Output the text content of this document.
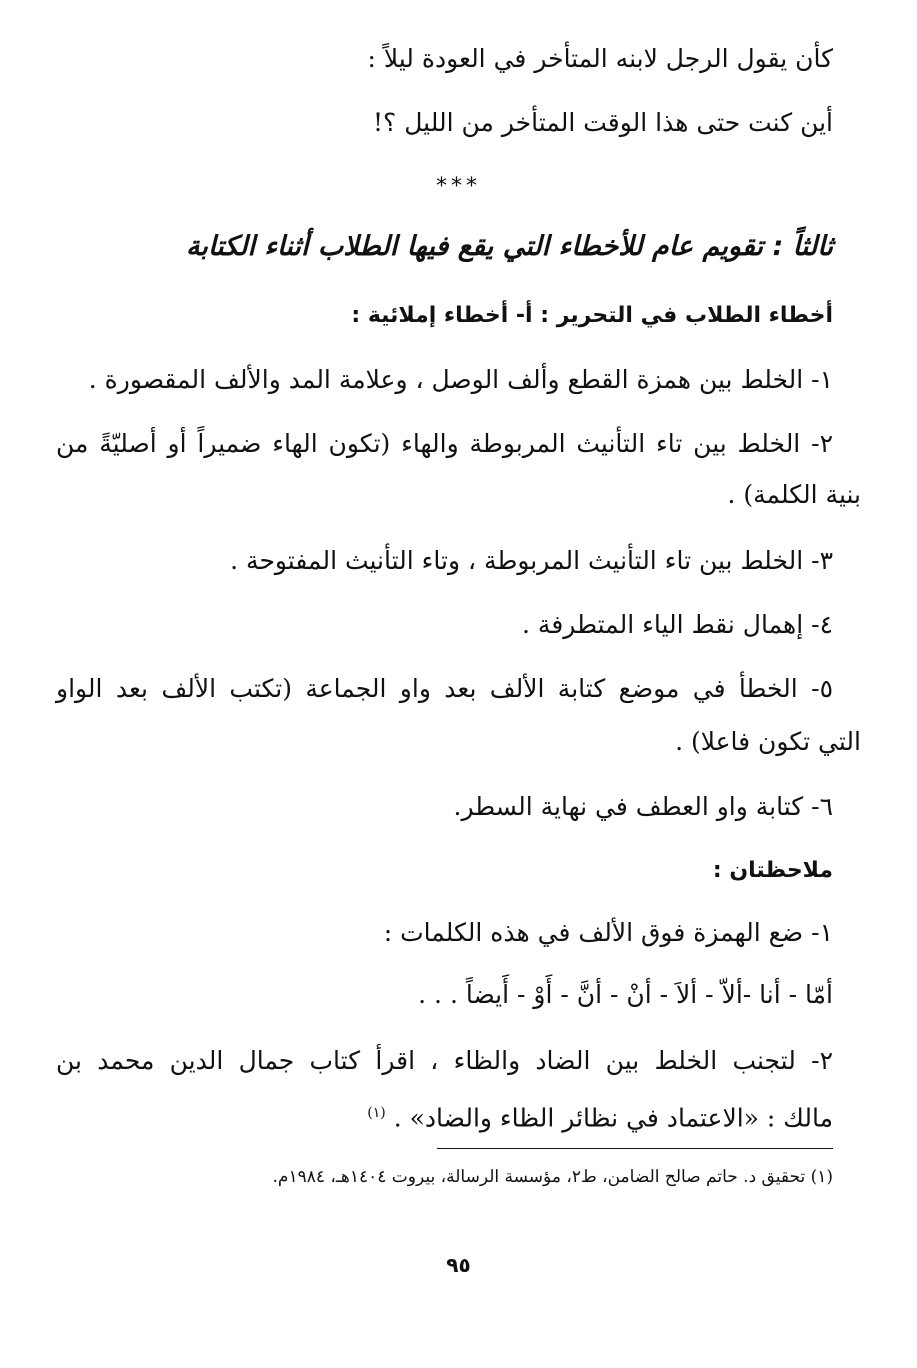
كأن يقول الرجل لابنه المتأخر في العودة ليلاً :
أين كنت حتى هذا الوقت المتأخر من الليل ؟!
***
ثالثاً : تقويم عام للأخطاء التي يقع فيها الطلاب أثناء الكتابة
أخطاء الطلاب في التحرير : أ- أخطاء إملائية :
١- الخلط بين همزة القطع وألف الوصل ، وعلامة المد والألف المقصورة .
٢- الخلط بين تاء التأنيث المربوطة والهاء (تكون الهاء ضميراً أو أصليّةً من
بنية الكلمة) .
٣- الخلط بين تاء التأنيث المربوطة ، وتاء التأنيث المفتوحة .
٤- إهمال نقط الياء المتطرفة .
٥- الخطأ في موضع كتابة الألف بعد واو الجماعة (تكتب الألف بعد الواو
التي تكون فاعلا) .
٦- كتابة واو العطف في نهاية السطر.
ملاحظتان :
١- ضع الهمزة فوق الألف في هذه الكلمات :
أمّا - أنا -ألاّ - ألاَ - أنْ - أنَّ - أَوْ - أَيضاً . . .
٢- لتجنب الخلط بين الضاد والظاء ، اقرأ كتاب جمال الدين محمد بن
مالك : «الاعتماد في نظائر الظاء والضاد» . $^{(١)}$
(١) تحقيق د. حاتم صالح الضامن، ط٢، مؤسسة الرسالة، بيروت ١٤٠٤هـ، ١٩٨٤م.
٩٥
